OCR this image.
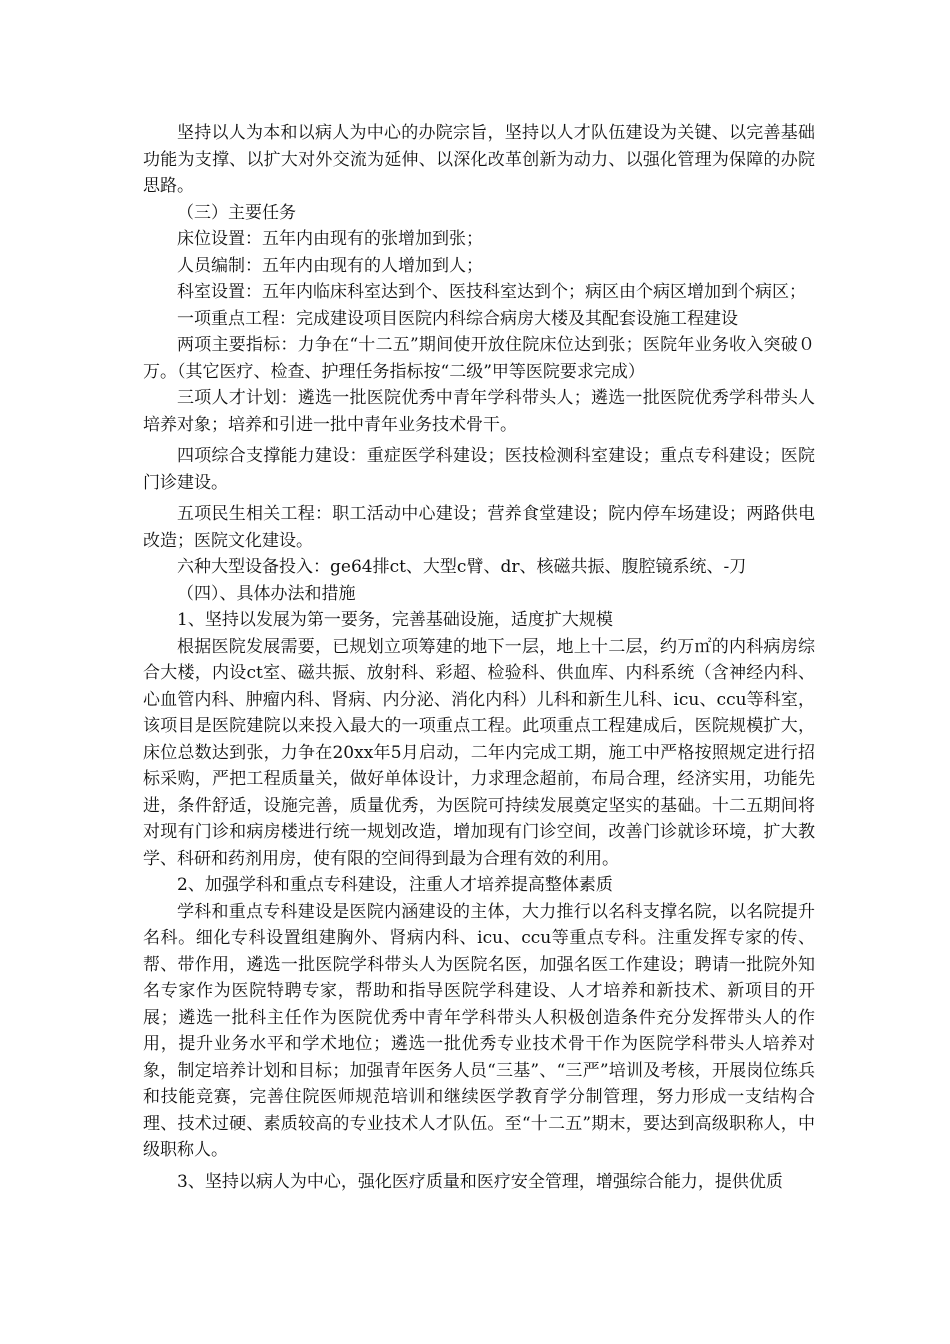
坚持以人为本和以病人为中心的办院宗旨，坚持以人才队伍建设为关键、以完善基础功能为支撑、以扩大对外交流为延伸、以深化改革创新为动力、以强化管理为保障的办院思路。

（三）主要任务

床位设置：五年内由现有的张增加到张；

人员编制：五年内由现有的人增加到人；

科室设置：五年内临床科室达到个、医技科室达到个；病区由个病区增加到个病区；

一项重点工程：完成建设项目医院内科综合病房大楼及其配套设施工程建设

两项主要指标：力争在“十二五”期间使开放住院床位达到张；医院年业务收入突破０万。（其它医疗、检查、护理任务指标按“二级”甲等医院要求完成）

三项人才计划：遴选一批医院优秀中青年学科带头人；遴选一批医院优秀学科带头人培养对象；培养和引进一批中青年业务技术骨干。

四项综合支撑能力建设：重症医学科建设；医技检测科室建设；重点专科建设；医院门诊建设。

五项民生相关工程：职工活动中心建设；营养食堂建设；院内停车场建设；两路供电改造；医院文化建设。

六种大型设备投入：ge64排ct、大型c臂、dr、核磁共振、腹腔镜系统、-刀

（四）、具体办法和措施

1、坚持以发展为第一要务，完善基础设施，适度扩大规模

根据医院发展需要，已规划立项筹建的地下一层，地上十二层，约万㎡的内科病房综合大楼，内设ct室、磁共振、放射科、彩超、检验科、供血库、内科系统（含神经内科、心血管内科、肿瘤内科、肾病、内分泌、消化内科）儿科和新生儿科、icu、ccu等科室，该项目是医院建院以来投入最大的一项重点工程。此项重点工程建成后，医院规模扩大，床位总数达到张，力争在20xx年5月启动，二年内完成工期，施工中严格按照规定进行招标采购，严把工程质量关，做好单体设计，力求理念超前，布局合理，经济实用，功能先进，条件舒适，设施完善，质量优秀，为医院可持续发展奠定坚实的基础。十二五期间将对现有门诊和病房楼进行统一规划改造，增加现有门诊空间，改善门诊就诊环境，扩大教学、科研和药剂用房，使有限的空间得到最为合理有效的利用。

2、加强学科和重点专科建设，注重人才培养提高整体素质

学科和重点专科建设是医院内涵建设的主体，大力推行以名科支撑名院，以名院提升名科。细化专科设置组建胸外、肾病内科、icu、ccu等重点专科。注重发挥专家的传、帮、带作用，遴选一批医院学科带头人为医院名医，加强名医工作建设；聘请一批院外知名专家作为医院特聘专家，帮助和指导医院学科建设、人才培养和新技术、新项目的开展；遴选一批科主任作为医院优秀中青年学科带头人积极创造条件充分发挥带头人的作用，提升业务水平和学术地位；遴选一批优秀专业技术骨干作为医院学科带头人培养对象，制定培养计划和目标；加强青年医务人员“三基”、“三严”培训及考核，开展岗位练兵和技能竞赛，完善住院医师规范培训和继续医学教育学分制管理，努力形成一支结构合理、技术过硬、素质较高的专业技术人才队伍。至“十二五”期末，要达到高级职称人，中级职称人。

3、坚持以病人为中心，强化医疗质量和医疗安全管理，增强综合能力，提供优质
